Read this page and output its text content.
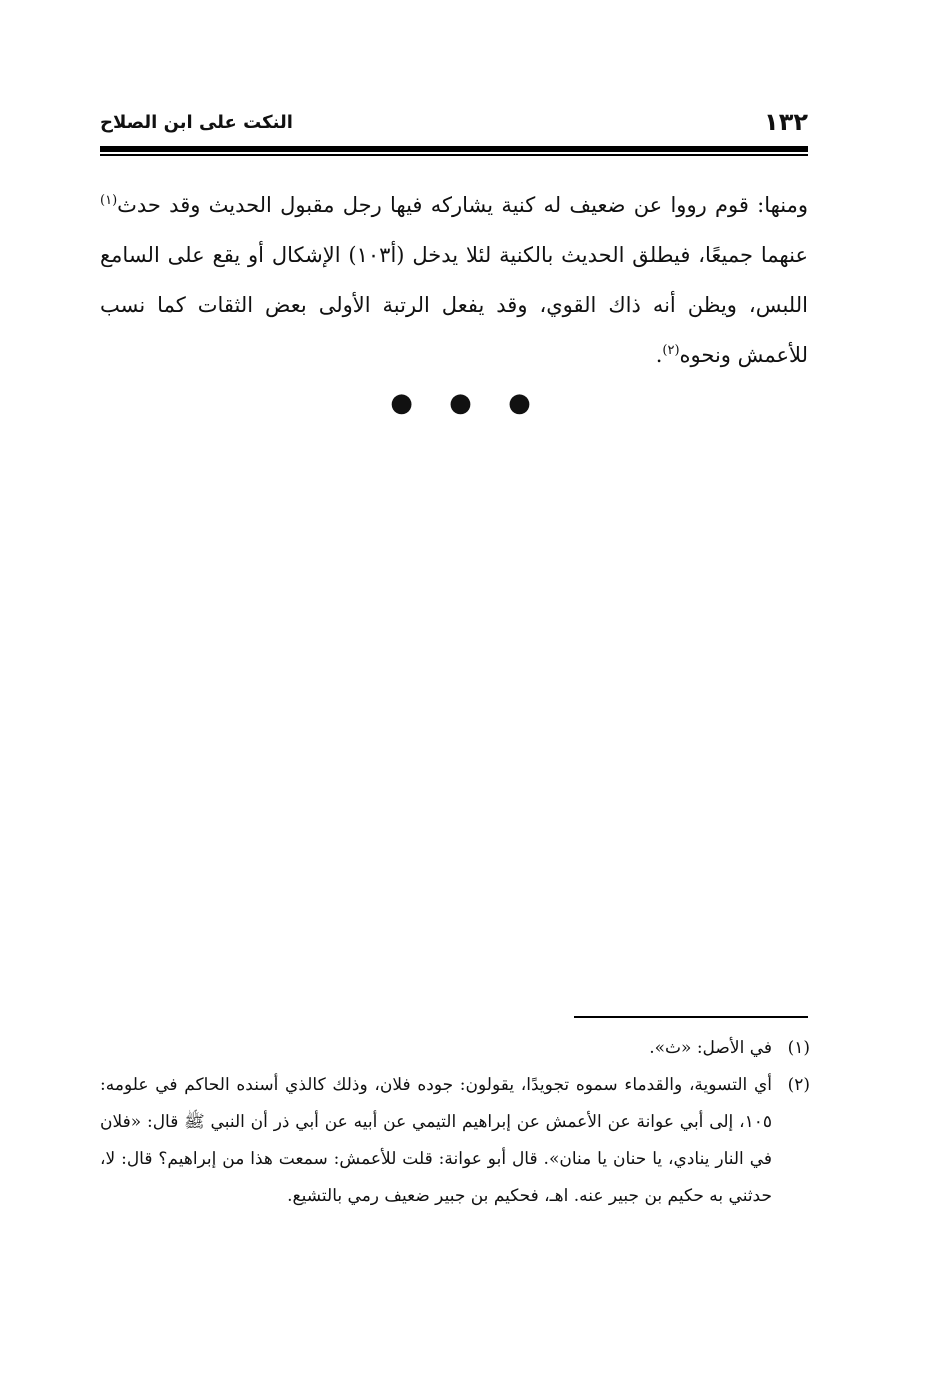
١٣٢
النكت على ابن الصلاح

ومنها: قوم رووا عن ضعيف له كنية يشاركه فيها رجل مقبول الحديث وقد حدث$^{(١)}$ عنهما جميعًا، فيطلق الحديث بالكنية لئلا يدخل (أ١٠٣) الإشكال أو يقع على السامع اللبس، ويظن أنه ذاك القوي، وقد يفعل الرتبة الأولى بعض الثقات كما نسب للأعمش ونحوه$^{(٢)}$.

● ● ●
(١)
في الأصل: «ث».
(٢)
أي التسوية، والقدماء سموه تجويدًا، يقولون: جوده فلان، وذلك كالذي أسنده الحاكم في علومه: ١٠٥، إلى أبي عوانة عن الأعمش عن إبراهيم التيمي عن أبيه عن أبي ذر أن النبي ﷺ قال: «فلان في النار ينادي، يا حنان يا منان». قال أبو عوانة: قلت للأعمش: سمعت هذا من إبراهيم؟ قال: لا، حدثني به حكيم بن جبير عنه. اهـ، فحكيم بن جبير ضعيف رمي بالتشيع.
